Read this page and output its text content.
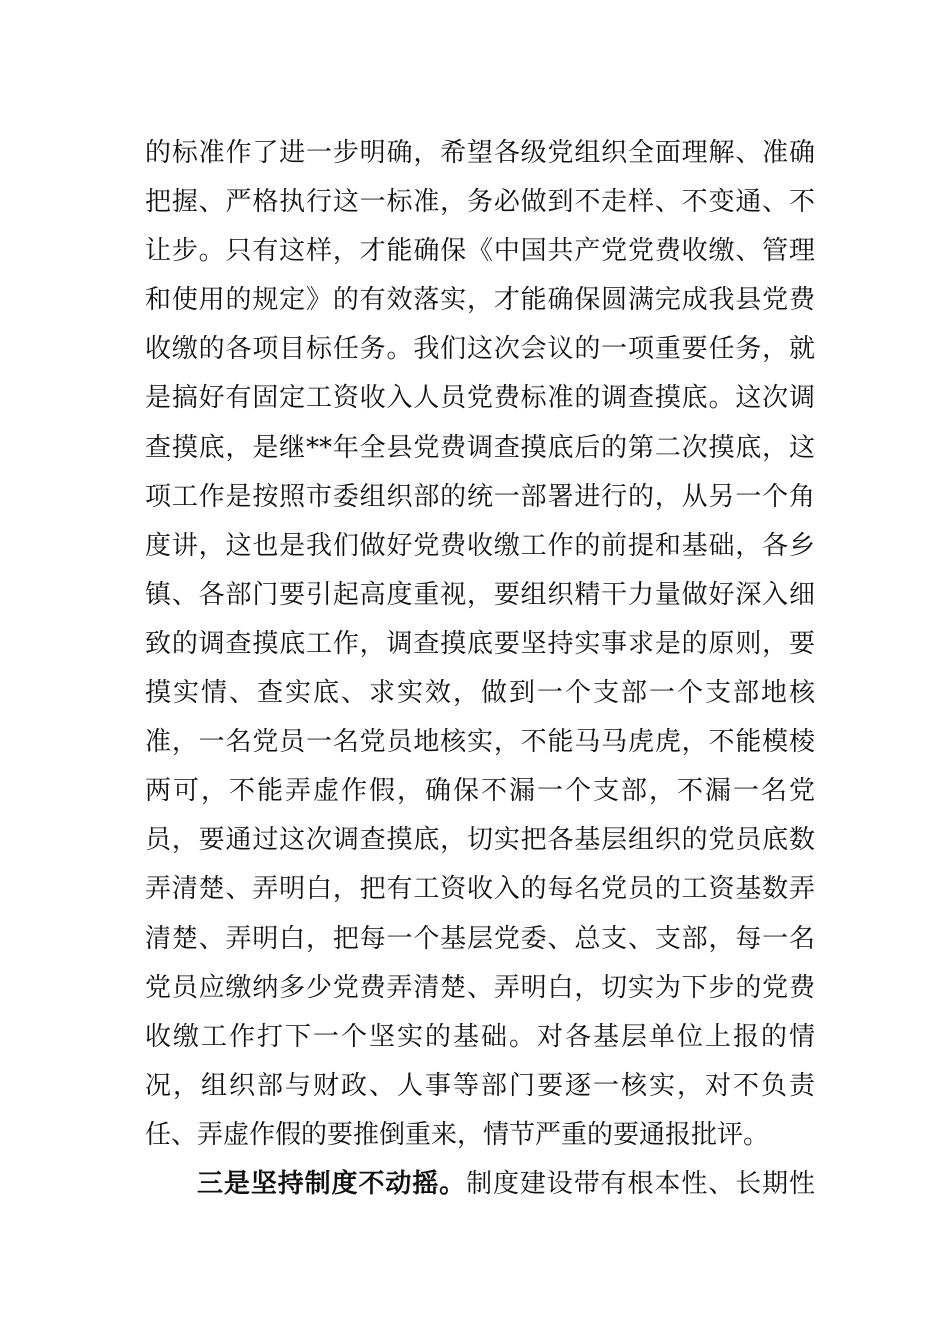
的标准作了进一步明确，希望各级党组织全面理解、准确
把握、严格执行这一标准，务必做到不走样、不变通、不
让步。只有这样，才能确保《中国共产党党费收缴、管理
和使用的规定》的有效落实，才能确保圆满完成我县党费
收缴的各项目标任务。我们这次会议的一项重要任务，就
是搞好有固定工资收入人员党费标准的调查摸底。这次调
查摸底，是继**年全县党费调查摸底后的第二次摸底，这
项工作是按照市委组织部的统一部署进行的，从另一个角
度讲，这也是我们做好党费收缴工作的前提和基础，各乡
镇、各部门要引起高度重视，要组织精干力量做好深入细
致的调查摸底工作，调查摸底要坚持实事求是的原则，要
摸实情、查实底、求实效，做到一个支部一个支部地核
准，一名党员一名党员地核实，不能马马虎虎，不能模棱
两可，不能弄虚作假，确保不漏一个支部，不漏一名党
员，要通过这次调查摸底，切实把各基层组织的党员底数
弄清楚、弄明白，把有工资收入的每名党员的工资基数弄
清楚、弄明白，把每一个基层党委、总支、支部，每一名
党员应缴纳多少党费弄清楚、弄明白，切实为下步的党费
收缴工作打下一个坚实的基础。对各基层单位上报的情
况，组织部与财政、人事等部门要逐一核实，对不负责
任、弄虚作假的要推倒重来，情节严重的要通报批评。
三是坚持制度不动摇。制度建设带有根本性、长期性
